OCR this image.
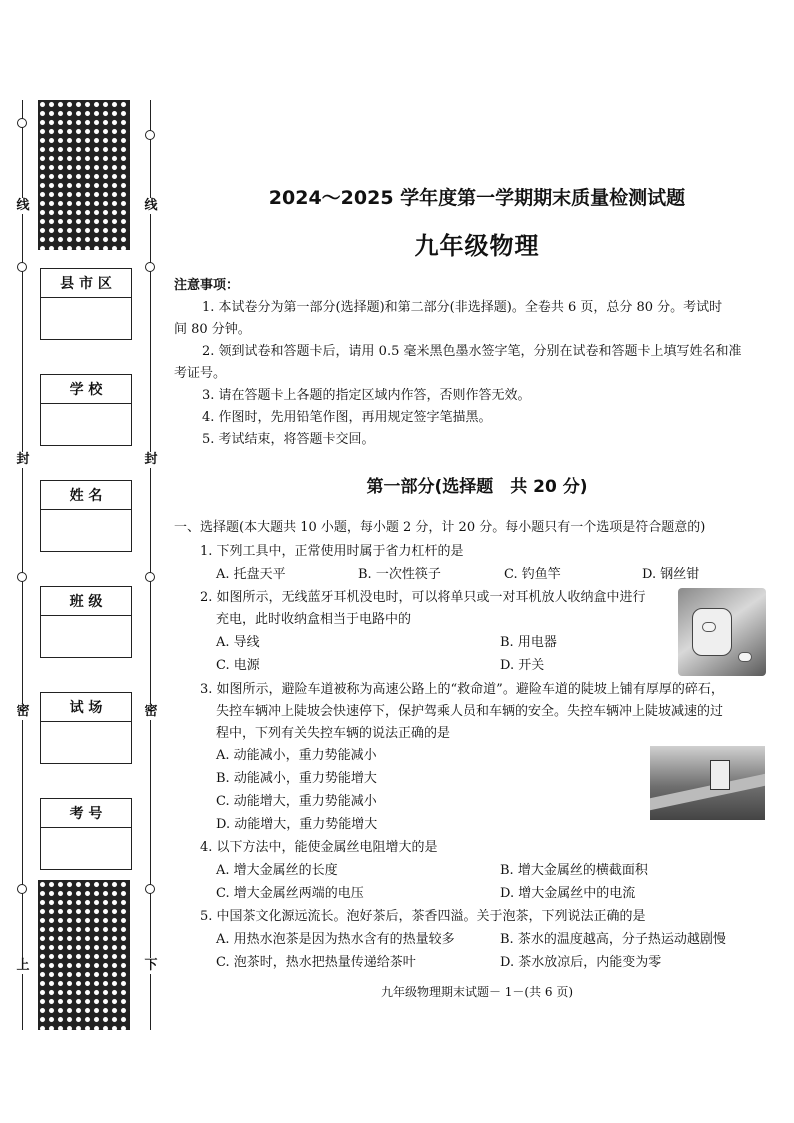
线	线
封	封
密	密
上	下
县 市 区
学 校
姓 名
班 级
试 场
考 号
2024～2025 学年度第一学期期末质量检测试题
九年级物理
注意事项：
1. 本试卷分为第一部分(选择题)和第二部分(非选择题)。全卷共 6 页，总分 80 分。考试时
间 80 分钟。
2. 领到试卷和答题卡后，请用 0.5 毫米黑色墨水签字笔，分别在试卷和答题卡上填写姓名和准
考证号。
3. 请在答题卡上各题的指定区域内作答，否则作答无效。
4. 作图时，先用铅笔作图，再用规定签字笔描黑。
5. 考试结束，将答题卡交回。
第一部分(选择题　共 20 分)
一、选择题(本大题共 10 小题，每小题 2 分，计 20 分。每小题只有一个选项是符合题意的)
1. 下列工具中，正常使用时属于省力杠杆的是
A. 托盘天平	B. 一次性筷子	C. 钓鱼竿	D. 钢丝钳
2. 如图所示，无线蓝牙耳机没电时，可以将单只或一对耳机放人收纳盒中进行
充电，此时收纳盒相当于电路中的
A. 导线	B. 用电器
C. 电源	D. 开关
3. 如图所示，避险车道被称为高速公路上的“救命道”。避险车道的陡坡上铺有厚厚的碎石，
失控车辆冲上陡坡会快速停下，保护驾乘人员和车辆的安全。失控车辆冲上陡坡减速的过
程中，下列有关失控车辆的说法正确的是
A. 动能减小，重力势能减小
B. 动能减小，重力势能增大
C. 动能增大，重力势能减小
D. 动能增大，重力势能增大
4. 以下方法中，能使金属丝电阻增大的是
A. 增大金属丝的长度	B. 增大金属丝的横截面积
C. 增大金属丝两端的电压	D. 增大金属丝中的电流
5. 中国茶文化源远流长。泡好茶后，茶香四溢。关于泡茶，下列说法正确的是
A. 用热水泡茶是因为热水含有的热量较多	B. 茶水的温度越高，分子热运动越剧慢
C. 泡茶时，热水把热量传递给茶叶	D. 茶水放凉后，内能变为零
九年级物理期末试题－ 1－(共 6 页)
